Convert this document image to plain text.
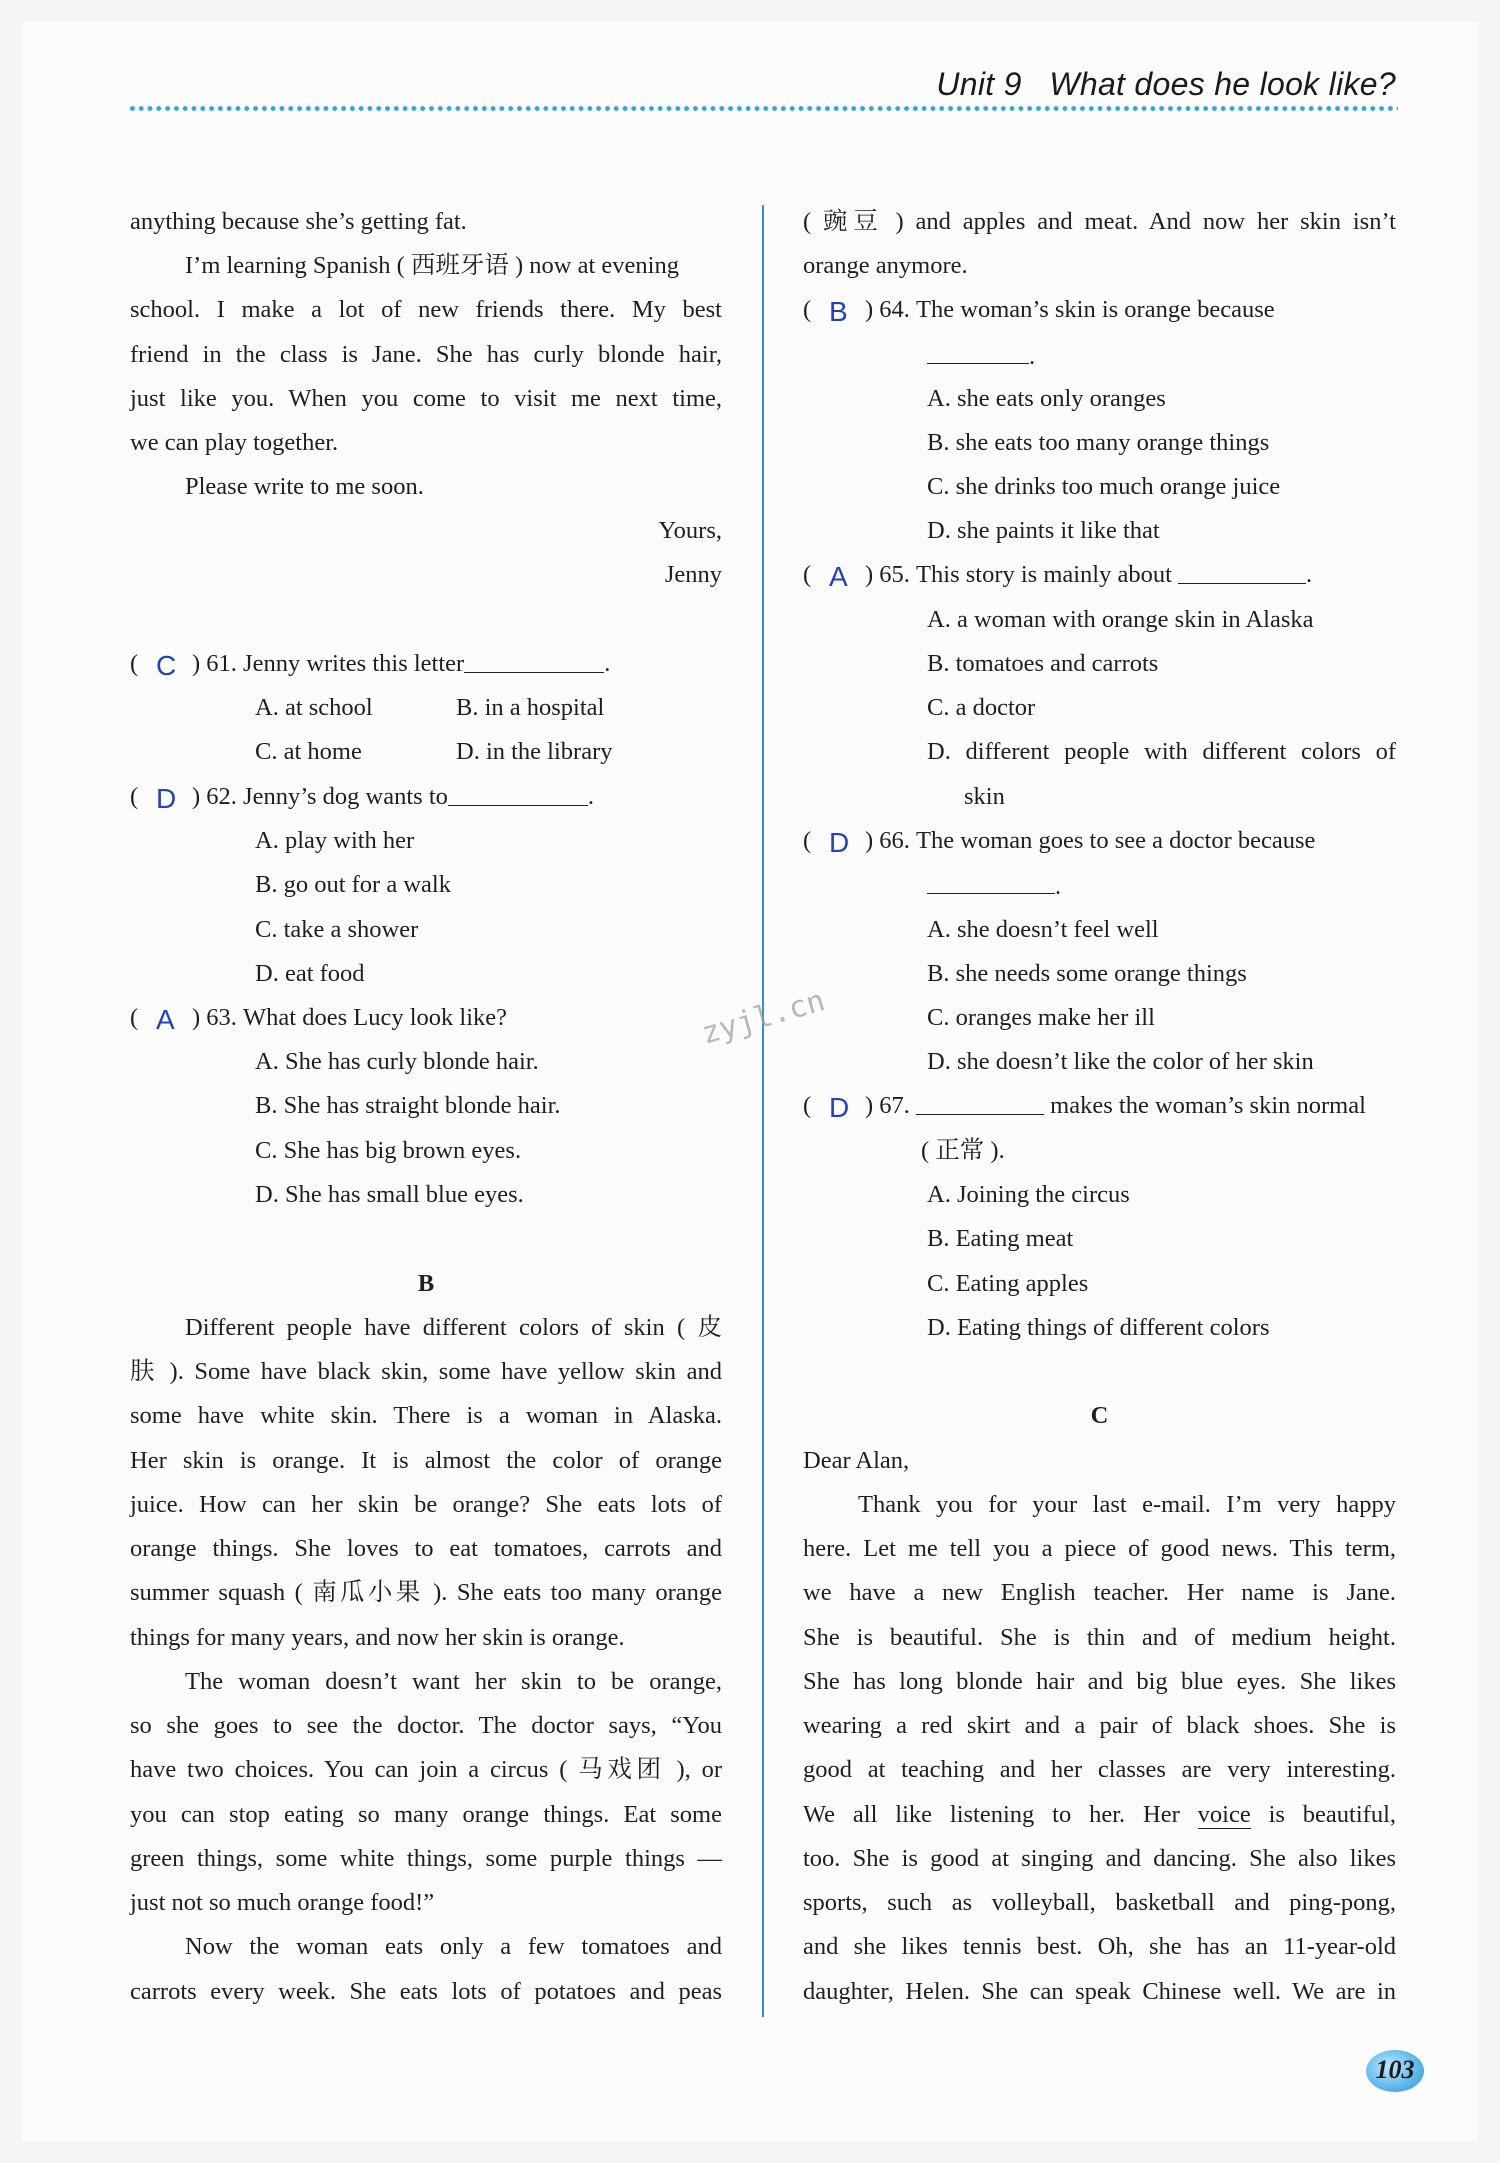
Unit 9   What does he look like?
anything because she’s getting fat.
I’m learning Spanish ( 西班牙语 ) now at evening
school. I make a lot of new friends there. My best
friend in the class is Jane. She has curly blonde hair,
just like you. When you come to visit me next time,
we can play together.
Please write to me soon.
Yours,
Jenny
( C ) 61.
Jenny writes this letter	.
A. at school	B. in a hospital
C. at home	D. in the library
( D ) 62.
Jenny’s dog wants to	.
A. play with her
B. go out for a walk
C. take a shower
D. eat food
( A ) 63.
What does Lucy look like?
A. She has curly blonde hair.
B. She has straight blonde hair.
C. She has big brown eyes.
D. She has small blue eyes.
B
Different people have different colors of skin ( 皮
肤 ). Some have black skin, some have yellow skin and
some have white skin. There is a woman in Alaska.
Her skin is orange. It is almost the color of orange
juice. How can her skin be orange? She eats lots of
orange things. She loves to eat tomatoes, carrots and
summer squash ( 南瓜小果 ). She eats too many orange
things for many years, and now her skin is orange.
The woman doesn’t want her skin to be orange,
so she goes to see the doctor. The doctor says, “You
have two choices. You can join a circus ( 马戏团 ), or
you can stop eating so many orange things. Eat some
green things, some white things, some purple things —
just not so much orange food!”
Now the woman eats only a few tomatoes and
carrots every week. She eats lots of potatoes and peas
( 豌豆 ) and apples and meat. And now her skin isn’t
orange anymore.
( B ) 64.
The woman’s skin is orange because
.
A. she eats only oranges
B. she eats too many orange things
C. she drinks too much orange juice
D. she paints it like that
( A ) 65.
This story is mainly about
	.
A. a woman with orange skin in Alaska
B. tomatoes and carrots
C. a doctor
D. different people with different colors of
skin
( D ) 66.
The woman goes to see a doctor because
.
A. she doesn’t feel well
B. she needs some orange things
C. oranges make her ill
D. she doesn’t like the color of her skin
( D ) 67.

	makes the woman’s skin normal
( 正常 ).
A. Joining the circus
B. Eating meat
C. Eating apples
D. Eating things of different colors
C
Dear Alan,
Thank you for your last e-mail. I’m very happy
here. Let me tell you a piece of good news. This term,
we have a new English teacher. Her name is Jane.
She is beautiful. She is thin and of medium height.
She has long blonde hair and big blue eyes. She likes
wearing a red skirt and a pair of black shoes. She is
good at teaching and her classes are very interesting.
We all like listening to her. Her voice is beautiful,
too. She is good at singing and dancing. She also likes
sports, such as volleyball, basketball and ping-pong,
and she likes tennis best. Oh, she has an 11-year-old
daughter, Helen. She can speak Chinese well. We are in
zyjl.cn
103
